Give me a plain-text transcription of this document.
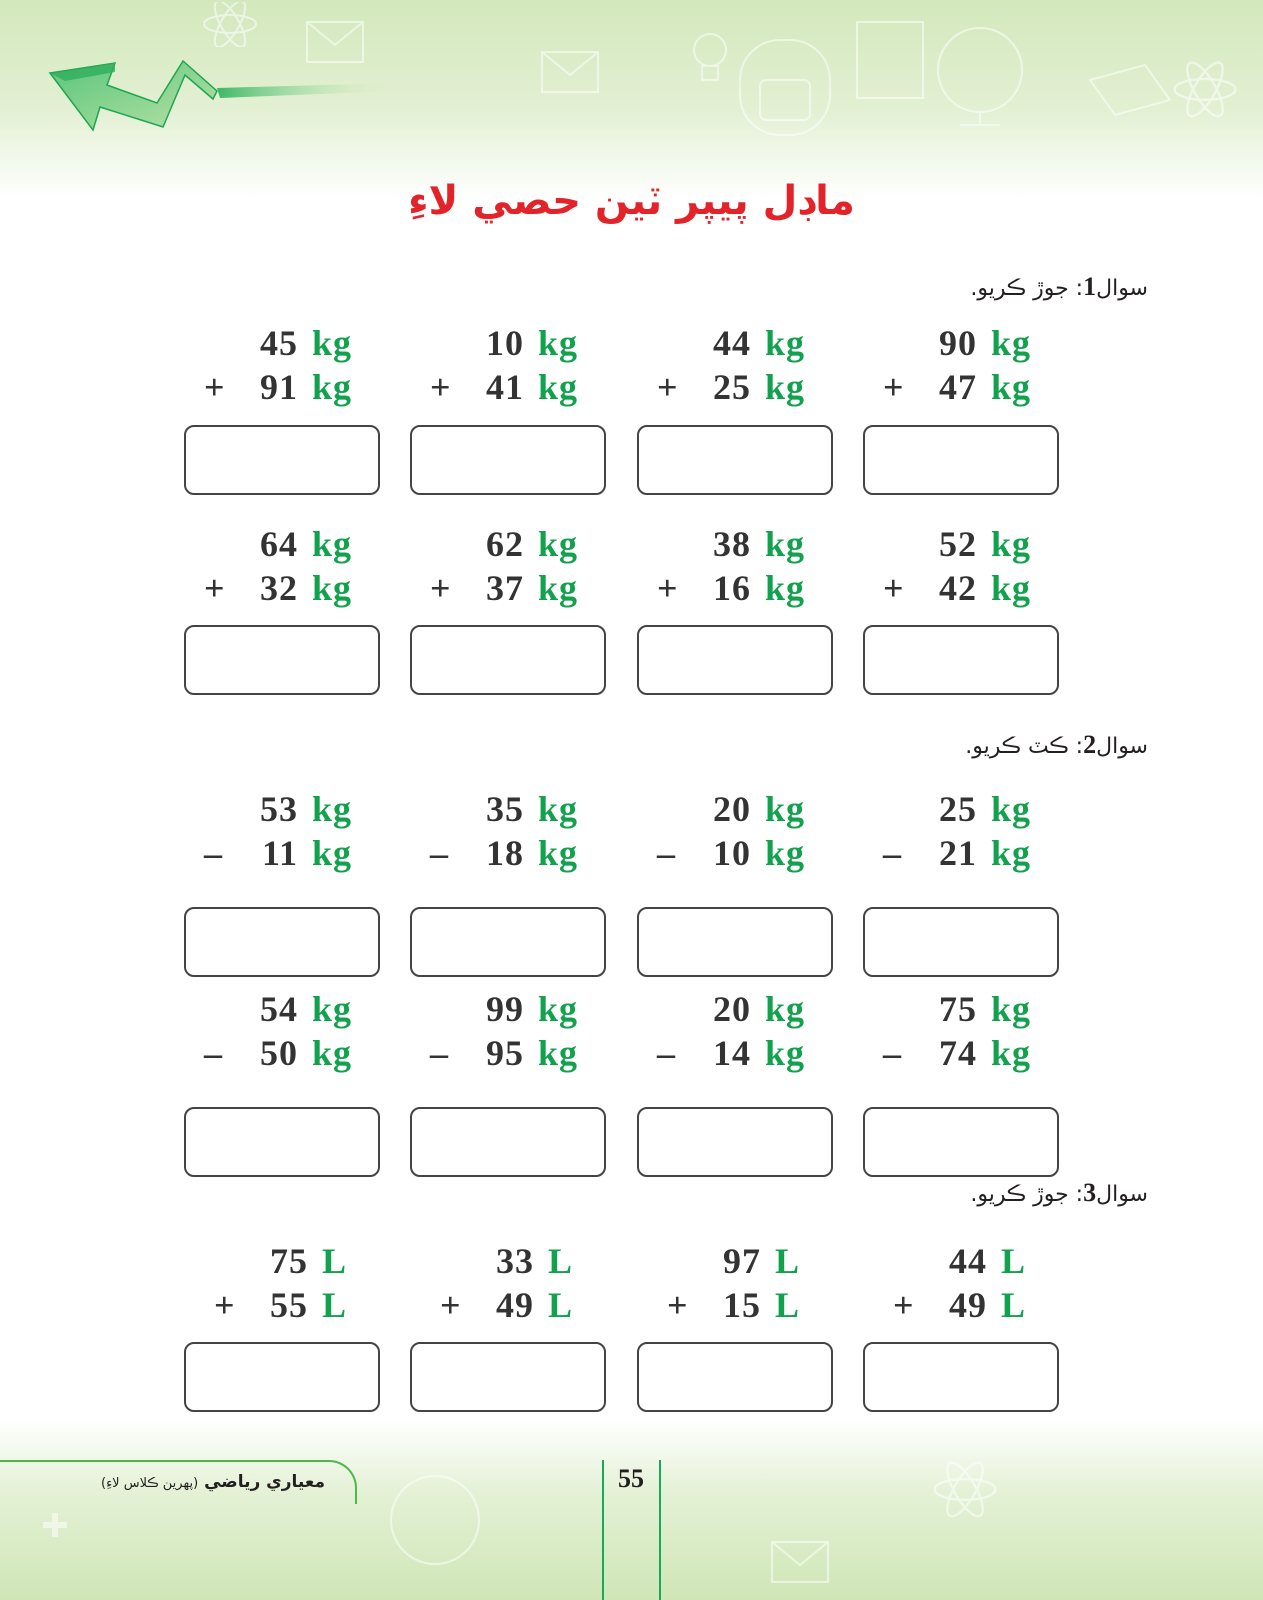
ماڊل پيپر ٽين حصي لاءِ
سوال1: جوڙ ڪريو.
45 kg
+ 91 kg
10 kg
+ 41 kg
44 kg
+ 25 kg
90 kg
+ 47 kg
64 kg
+ 32 kg
62 kg
+ 37 kg
38 kg
+ 16 kg
52 kg
+ 42 kg
سوال2: ڪٽ ڪريو.
53 kg
– 11 kg
35 kg
– 18 kg
20 kg
– 10 kg
25 kg
– 21 kg
54 kg
– 50 kg
99 kg
– 95 kg
20 kg
– 14 kg
75 kg
– 74 kg
سوال3: جوڙ ڪريو.
75 L
+ 55 L
33 L
+ 49 L
97 L
+ 15 L
44 L
+ 49 L
معياري رياضي (پهرين ڪلاس لاءِ)	55
